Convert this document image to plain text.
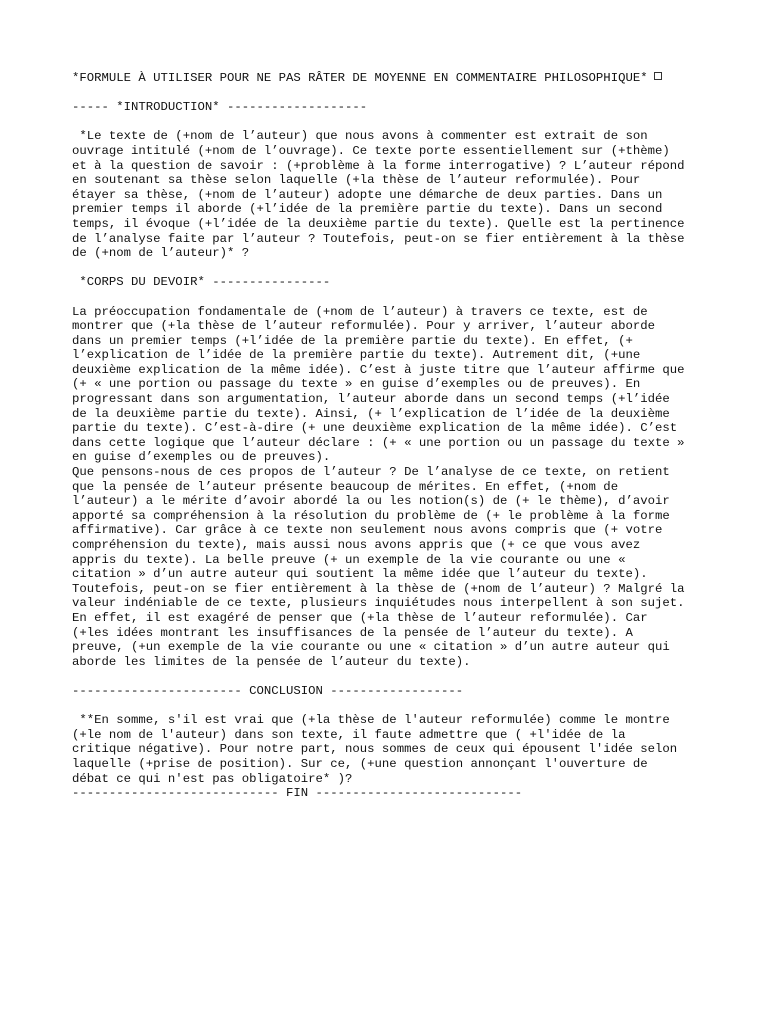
*FORMULE À UTILISER POUR NE PAS RÂTER DE MOYENNE EN COMMENTAIRE PHILOSOPHIQUE*
----- *INTRODUCTION* -------------------
*Le texte de (+nom de l’auteur) que nous avons à commenter est extrait de son
ouvrage intitulé (+nom de l’ouvrage). Ce texte porte essentiellement sur (+thème)
et à la question de savoir : (+problème à la forme interrogative) ? L’auteur répond
en soutenant sa thèse selon laquelle (+la thèse de l’auteur reformulée). Pour
étayer sa thèse, (+nom de l’auteur) adopte une démarche de deux parties. Dans un
premier temps il aborde (+l’idée de la première partie du texte). Dans un second
temps, il évoque (+l’idée de la deuxième partie du texte). Quelle est la pertinence
de l’analyse faite par l’auteur ? Toutefois, peut-on se fier entièrement à la thèse
de (+nom de l’auteur)* ?
*CORPS DU DEVOIR* ----------------
La préoccupation fondamentale de (+nom de l’auteur) à travers ce texte, est de
montrer que (+la thèse de l’auteur reformulée). Pour y arriver, l’auteur aborde
dans un premier temps (+l’idée de la première partie du texte). En effet, (+
l’explication de l’idée de la première partie du texte). Autrement dit, (+une
deuxième explication de la même idée). C’est à juste titre que l’auteur affirme que
(+ « une portion ou passage du texte » en guise d’exemples ou de preuves). En
progressant dans son argumentation, l’auteur aborde dans un second temps (+l’idée
de la deuxième partie du texte). Ainsi, (+ l’explication de l’idée de la deuxième
partie du texte). C’est-à-dire (+ une deuxième explication de la même idée). C’est
dans cette logique que l’auteur déclare : (+ « une portion ou un passage du texte »
en guise d’exemples ou de preuves).
Que pensons-nous de ces propos de l’auteur ? De l’analyse de ce texte, on retient
que la pensée de l’auteur présente beaucoup de mérites. En effet, (+nom de
l’auteur) a le mérite d’avoir abordé la ou les notion(s) de (+ le thème), d’avoir
apporté sa compréhension à la résolution du problème de (+ le problème à la forme
affirmative). Car grâce à ce texte non seulement nous avons compris que (+ votre
compréhension du texte), mais aussi nous avons appris que (+ ce que vous avez
appris du texte). La belle preuve (+ un exemple de la vie courante ou une «
citation » d’un autre auteur qui soutient la même idée que l’auteur du texte).
Toutefois, peut-on se fier entièrement à la thèse de (+nom de l’auteur) ? Malgré la
valeur indéniable de ce texte, plusieurs inquiétudes nous interpellent à son sujet.
En effet, il est exagéré de penser que (+la thèse de l’auteur reformulée). Car
(+les idées montrant les insuffisances de la pensée de l’auteur du texte). A
preuve, (+un exemple de la vie courante ou une « citation » d’un autre auteur qui
aborde les limites de la pensée de l’auteur du texte).
----------------------- CONCLUSION ------------------
**En somme, s'il est vrai que (+la thèse de l'auteur reformulée) comme le montre
(+le nom de l'auteur) dans son texte, il faute admettre que ( +l'idée de la
critique négative). Pour notre part, nous sommes de ceux qui épousent l'idée selon
laquelle (+prise de position). Sur ce, (+une question annonçant l'ouverture de
débat ce qui n'est pas obligatoire* )?
---------------------------- FIN ----------------------------
